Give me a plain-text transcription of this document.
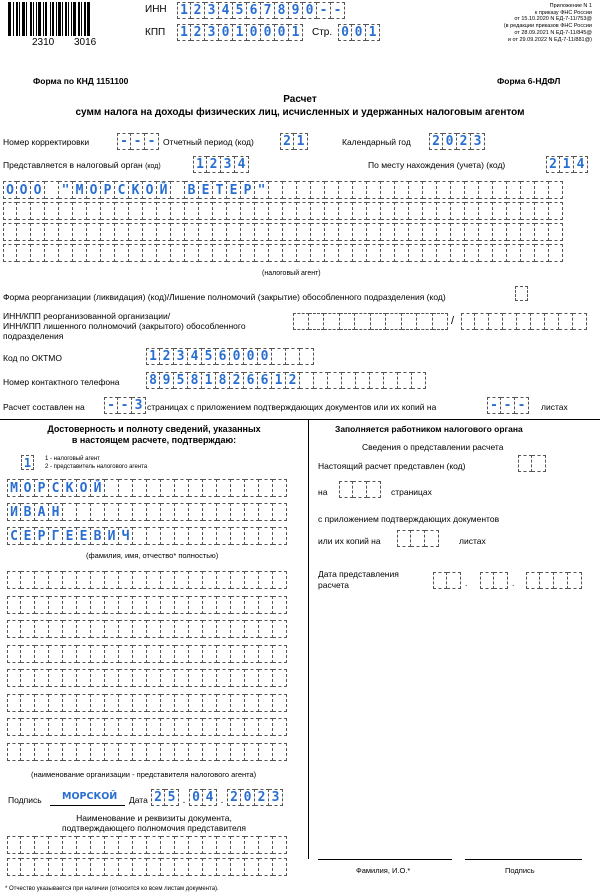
2310 3016
ИНН 1 2 3 4 5 6 7 8 9 0 - -
КПП 1 2 3 0 1 0 0 0 1	Стр. 0 0 1
Приложение N 1
к приказу ФНС России
от 15.10.2020 N ЕД-7-11/753@
(в редакции приказов ФНС России
от 28.09.2021 N ЕД-7-11/845@
и от 29.09.2022 N ЕД-7-11/881@)
Форма по КНД 1151100	Форма 6-НДФЛ
Расчет
сумм налога на доходы физических лиц, исчисленных и удержанных налоговым агентом
Номер корректировки - - - Отчетный период (код) 2 1	Календарный год 2 0 2 3
Представляется в налоговый орган (код)	1 2 3 4	По месту нахождения (учета) (код)	2 1 4
О О О " М О Р С К О Й В Е Т Е Р "
(налоговый агент)
Форма реорганизации (ликвидация) (код)/Лишение полномочий (закрытие) обособленного подразделения (код)
ИНН/КПП реорганизованной организации/
ИНН/КПП лишенного полномочий (закрытого) обособленного
подразделения
/
Код по ОКТМО	1 2 3 4 5 6 0 0 0
Номер контактного телефона 8 9 5 8 1 8 2 6 6 1 2
Расчет составлен на - - 3 страницах с приложением подтверждающих документов или их копий на	- - -	листах
Достоверность и полноту сведений, указанных
в настоящем расчете, подтверждаю:
1	1 - налоговый агент
2 - представитель налогового агента
М О Р С К О Й
И В А Н
С Е Р Г Е Е В И Ч
(фамилия, имя, отчество* полностью)
(наименование организации - представителя налогового агента)
Подпись МОРСКОЙ Дата 2 5 . 0 4 . 2 0 2 3
Наименование и реквизиты документа,
подтверждающего полномочия представителя
* Отчество указывается при наличии (относится ко всем листам документа).
Заполняется работником налогового органа
Сведения о представлении расчета
Настоящий расчет представлен (код)
на	страницах
с приложением подтверждающих документов
или их копий на	листах
Дата представления
расчета	.	.
Фамилия, И.О.*	Подпись
